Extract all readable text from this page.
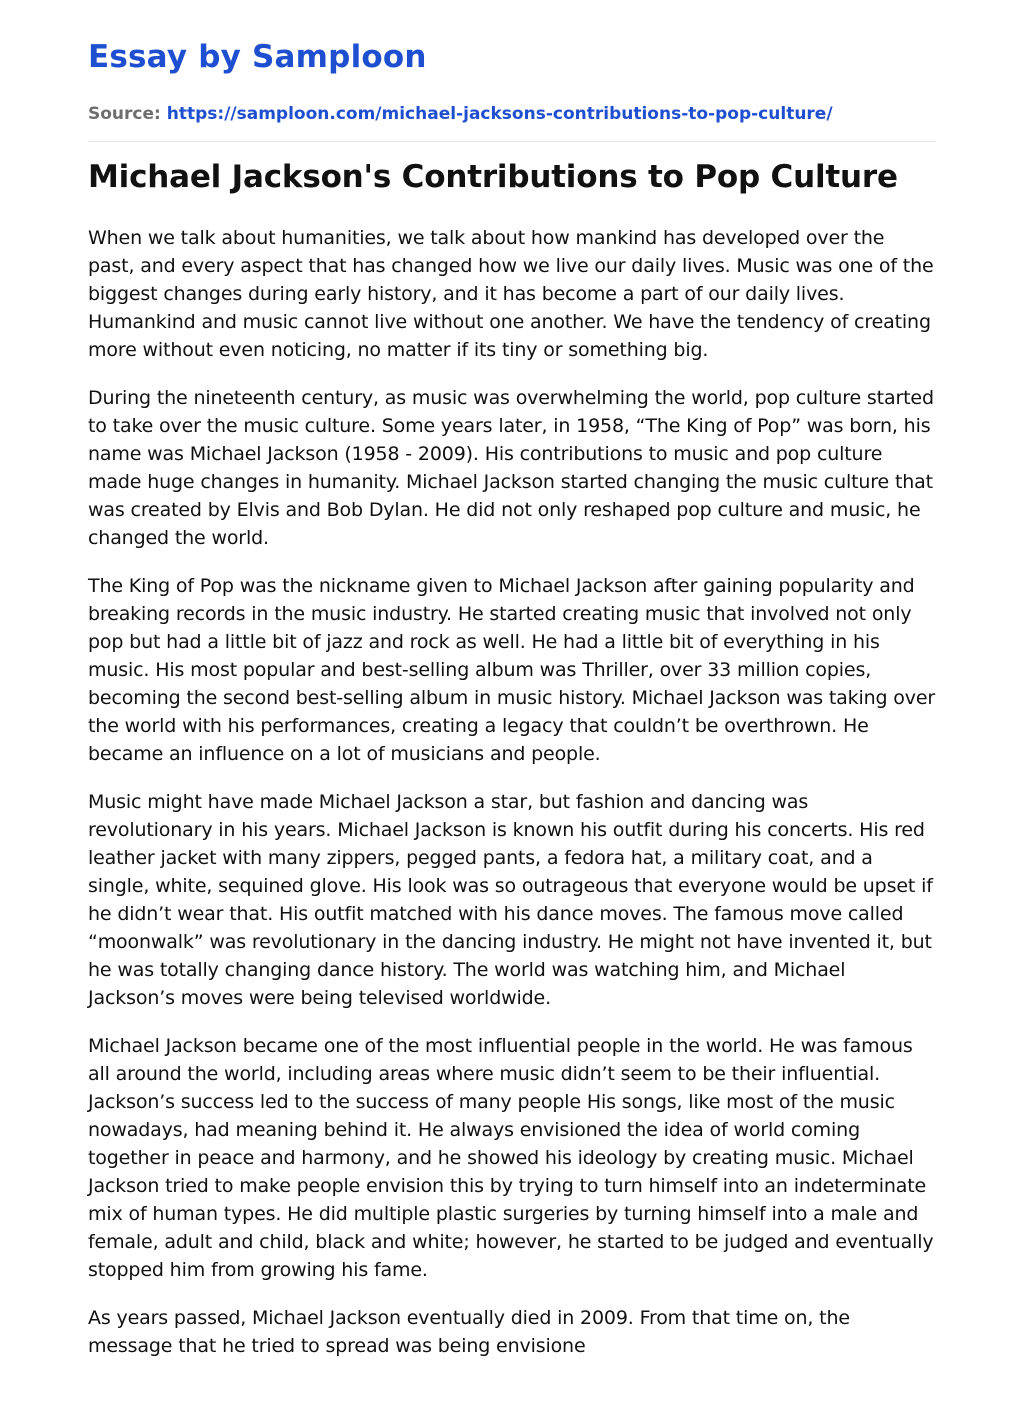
Essay by Samploon
Source: https://samploon.com/michael-jacksons-contributions-to-pop-culture/
Michael Jackson's Contributions to Pop Culture

When we talk about humanities, we talk about how mankind has developed over the past, and every aspect that has changed how we live our daily lives. Music was one of the biggest changes during early history, and it has become a part of our daily lives. Humankind and music cannot live without one another. We have the tendency of creating more without even noticing, no matter if its tiny or something big.

During the nineteenth century, as music was overwhelming the world, pop culture started to take over the music culture. Some years later, in 1958, “The King of Pop” was born, his name was Michael Jackson (1958 - 2009). His contributions to music and pop culture made huge changes in humanity. Michael Jackson started changing the music culture that was created by Elvis and Bob Dylan. He did not only reshaped pop culture and music, he changed the world.

The King of Pop was the nickname given to Michael Jackson after gaining popularity and breaking records in the music industry. He started creating music that involved not only pop but had a little bit of jazz and rock as well. He had a little bit of everything in his music. His most popular and best-selling album was Thriller, over 33 million copies, becoming the second best-selling album in music history. Michael Jackson was taking over the world with his performances, creating a legacy that couldn’t be overthrown. He became an influence on a lot of musicians and people.

Music might have made Michael Jackson a star, but fashion and dancing was revolutionary in his years. Michael Jackson is known his outfit during his concerts. His red leather jacket with many zippers, pegged pants, a fedora hat, a military coat, and a single, white, sequined glove. His look was so outrageous that everyone would be upset if he didn’t wear that. His outfit matched with his dance moves. The famous move called “moonwalk” was revolutionary in the dancing industry. He might not have invented it, but he was totally changing dance history. The world was watching him, and Michael Jackson’s moves were being televised worldwide.

Michael Jackson became one of the most influential people in the world. He was famous all around the world, including areas where music didn’t seem to be their influential. Jackson’s success led to the success of many people His songs, like most of the music nowadays, had meaning behind it. He always envisioned the idea of world coming together in peace and harmony, and he showed his ideology by creating music. Michael Jackson tried to make people envision this by trying to turn himself into an indeterminate mix of human types. He did multiple plastic surgeries by turning himself into a male and female, adult and child, black and white; however, he started to be judged and eventually stopped him from growing his fame.

As years passed, Michael Jackson eventually died in 2009. From that time on, the message that he tried to spread was being envisione
